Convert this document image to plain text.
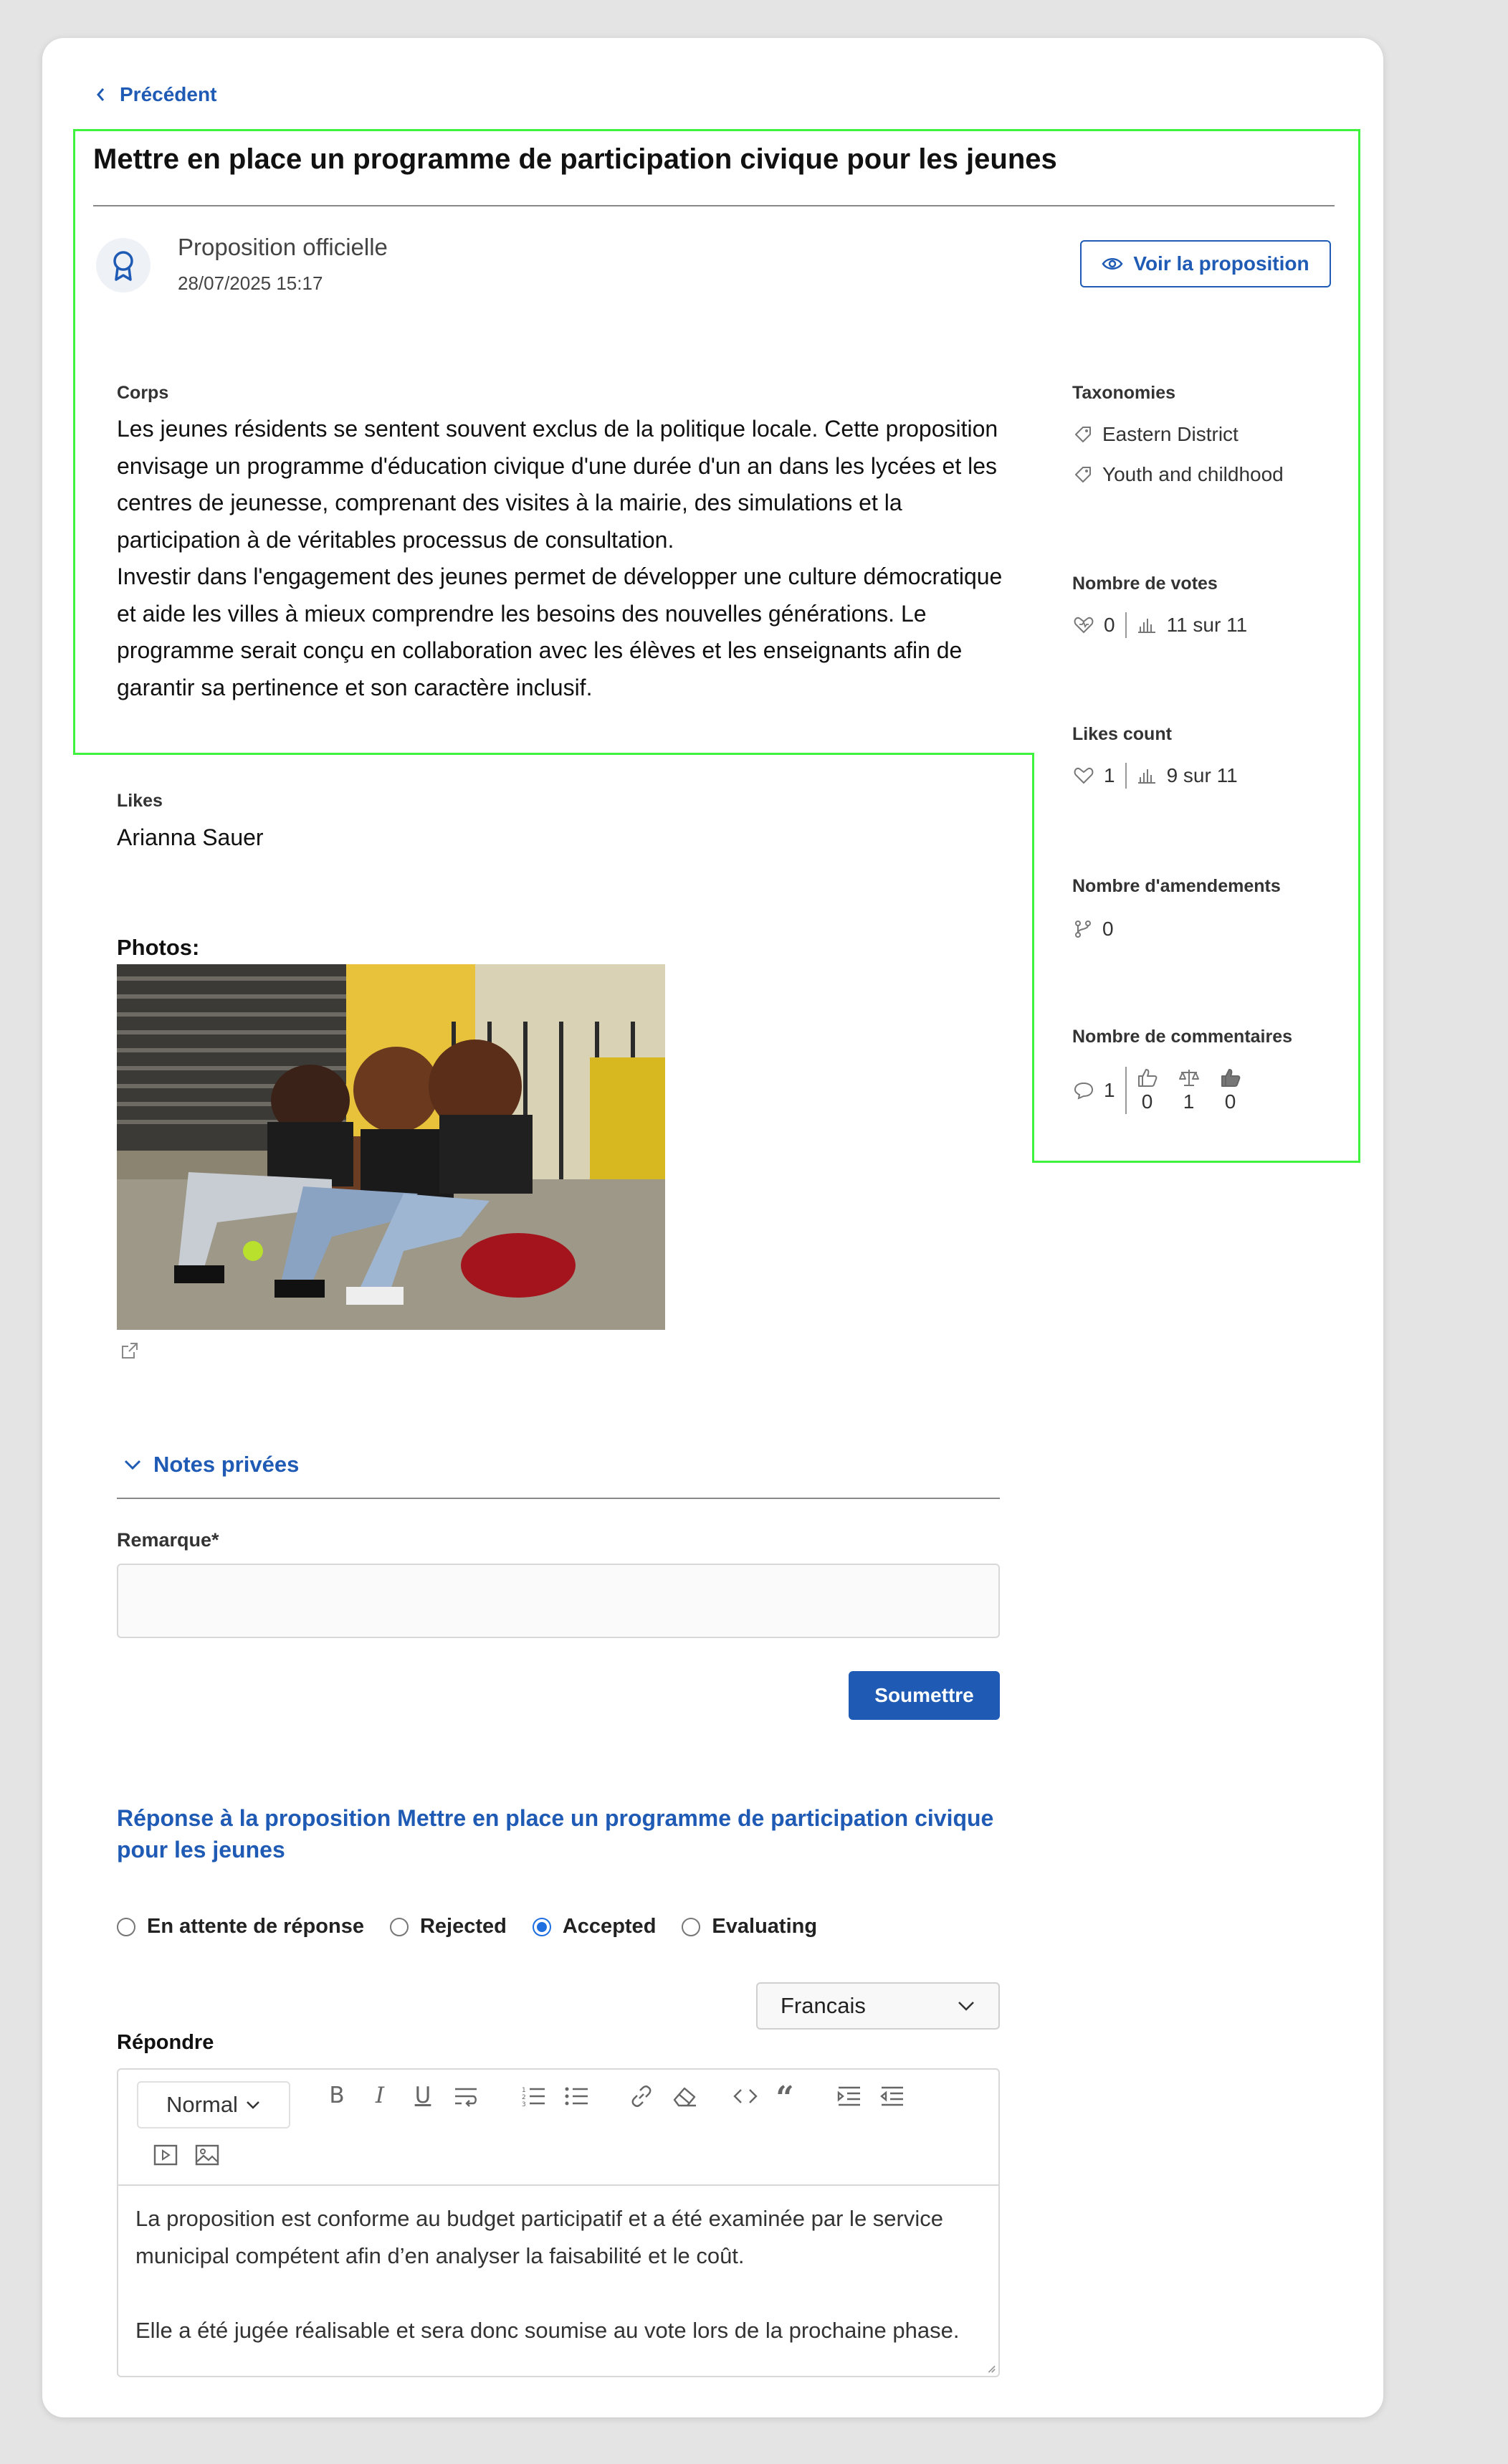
Précédent
Mettre en place un programme de participation civique pour les jeunes
Proposition officielle
28/07/2025 15:17
Voir la proposition
Corps
Les jeunes résidents se sentent souvent exclus de la politique locale. Cette proposition envisage un programme d'éducation civique d'une durée d'un an dans les lycées et les centres de jeunesse, comprenant des visites à la mairie, des simulations et la participation à de véritables processus de consultation.
Investir dans l'engagement des jeunes permet de développer une culture démocratique et aide les villes à mieux comprendre les besoins des nouvelles générations. Le programme serait conçu en collaboration avec les élèves et les enseignants afin de garantir sa pertinence et son caractère inclusif.
Taxonomies
Eastern District
Youth and childhood
Nombre de votes
0	11 sur 11
Likes count
1	9 sur 11
Nombre d'amendements
0
Nombre de commentaires
1
0 1 0
Likes
Arianna Sauer
Photos:
Notes privées
Remarque*
Soumettre
Réponse à la proposition Mettre en place un programme de participation civique pour les jeunes
En attente de réponse	Rejected	Accepted	Evaluating
Francais
Répondre
Normal	B	I	U	1
2
3	“
La proposition est conforme au budget participatif et a été examinée par le service municipal compétent afin d’en analyser la faisabilité et le coût.
Elle a été jugée réalisable et sera donc soumise au vote lors de la prochaine phase.
